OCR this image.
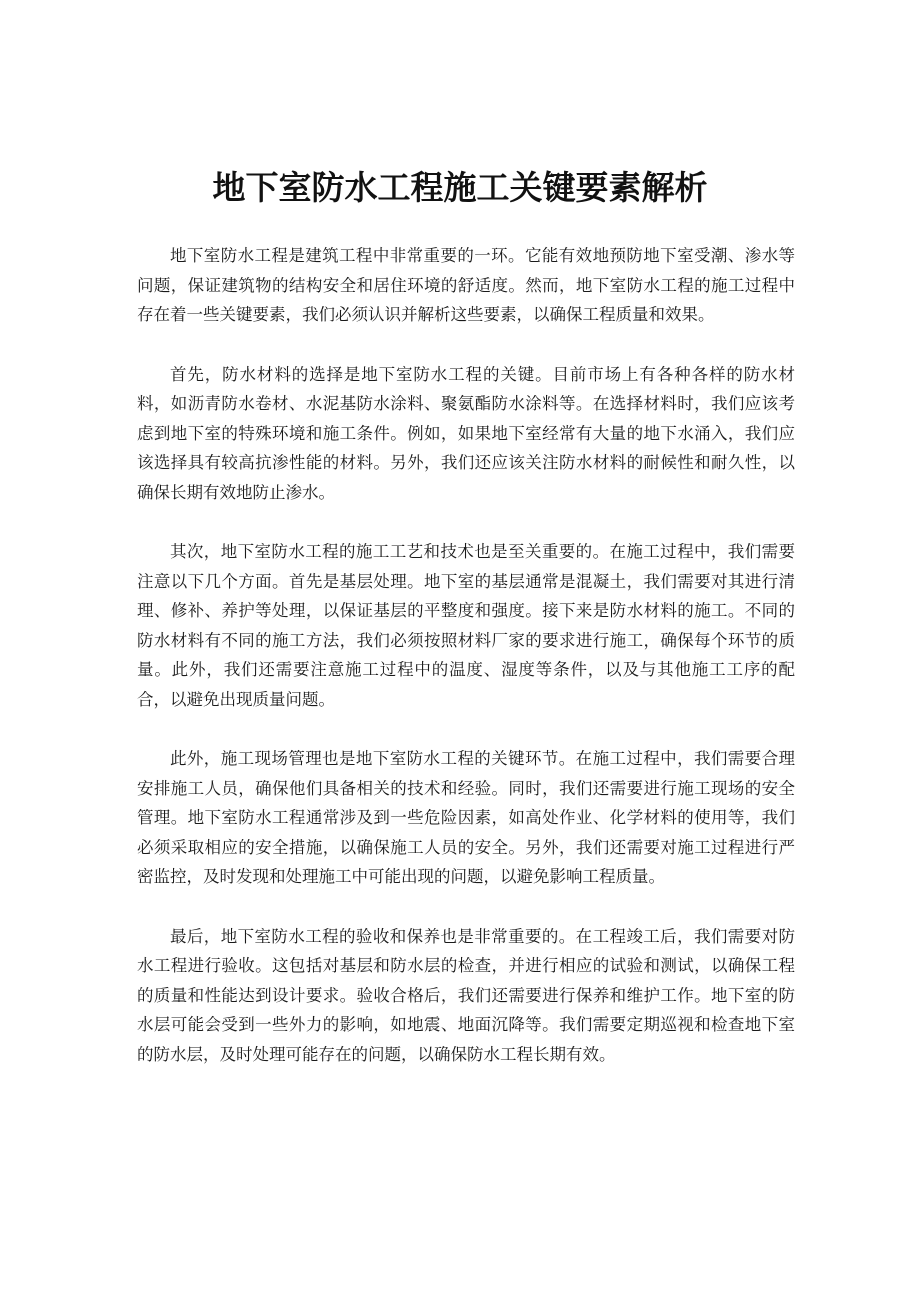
地下室防水工程施工关键要素解析

地下室防水工程是建筑工程中非常重要的一环。它能有效地预防地下室受潮、渗水等问题，保证建筑物的结构安全和居住环境的舒适度。然而，地下室防水工程的施工过程中存在着一些关键要素，我们必须认识并解析这些要素，以确保工程质量和效果。

首先，防水材料的选择是地下室防水工程的关键。目前市场上有各种各样的防水材料，如沥青防水卷材、水泥基防水涂料、聚氨酯防水涂料等。在选择材料时，我们应该考虑到地下室的特殊环境和施工条件。例如，如果地下室经常有大量的地下水涌入，我们应该选择具有较高抗渗性能的材料。另外，我们还应该关注防水材料的耐候性和耐久性，以确保长期有效地防止渗水。

其次，地下室防水工程的施工工艺和技术也是至关重要的。在施工过程中，我们需要注意以下几个方面。首先是基层处理。地下室的基层通常是混凝土，我们需要对其进行清理、修补、养护等处理，以保证基层的平整度和强度。接下来是防水材料的施工。不同的防水材料有不同的施工方法，我们必须按照材料厂家的要求进行施工，确保每个环节的质量。此外，我们还需要注意施工过程中的温度、湿度等条件，以及与其他施工工序的配合，以避免出现质量问题。

此外，施工现场管理也是地下室防水工程的关键环节。在施工过程中，我们需要合理安排施工人员，确保他们具备相关的技术和经验。同时，我们还需要进行施工现场的安全管理。地下室防水工程通常涉及到一些危险因素，如高处作业、化学材料的使用等，我们必须采取相应的安全措施，以确保施工人员的安全。另外，我们还需要对施工过程进行严密监控，及时发现和处理施工中可能出现的问题，以避免影响工程质量。

最后，地下室防水工程的验收和保养也是非常重要的。在工程竣工后，我们需要对防水工程进行验收。这包括对基层和防水层的检查，并进行相应的试验和测试，以确保工程的质量和性能达到设计要求。验收合格后，我们还需要进行保养和维护工作。地下室的防水层可能会受到一些外力的影响，如地震、地面沉降等。我们需要定期巡视和检查地下室的防水层，及时处理可能存在的问题，以确保防水工程长期有效。
